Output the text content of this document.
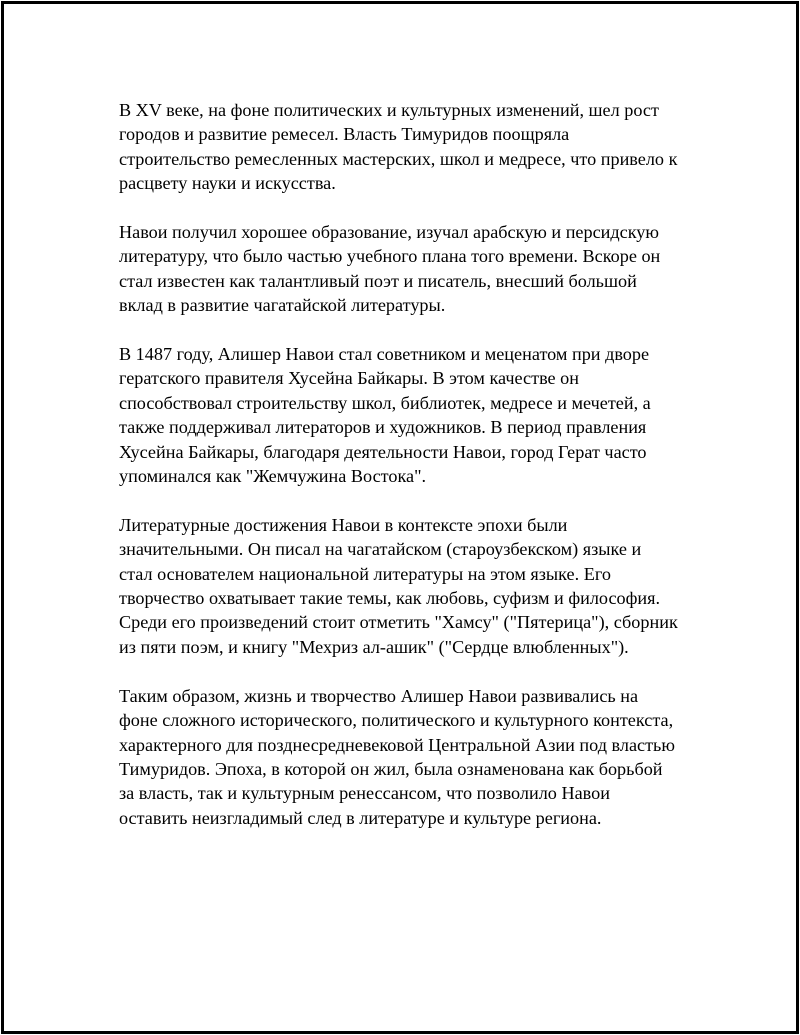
В XV веке, на фоне политических и культурных изменений, шел рост
городов и развитие ремесел. Власть Тимуридов поощряла
строительство ремесленных мастерских, школ и медресе, что привело к
расцвету науки и искусства.

Навои получил хорошее образование, изучал арабскую и персидскую
литературу, что было частью учебного плана того времени. Вскоре он
стал известен как талантливый поэт и писатель, внесший большой
вклад в развитие чагатайской литературы.

В 1487 году, Алишер Навои стал советником и меценатом при дворе
гератского правителя Хусейна Байкары. В этом качестве он
способствовал строительству школ, библиотек, медресе и мечетей, а
также поддерживал литераторов и художников. В период правления
Хусейна Байкары, благодаря деятельности Навои, город Герат часто
упоминался как "Жемчужина Востока".

Литературные достижения Навои в контексте эпохи были
значительными. Он писал на чагатайском (староузбекском) языке и
стал основателем национальной литературы на этом языке. Его
творчество охватывает такие темы, как любовь, суфизм и философия.
Среди его произведений стоит отметить "Хамсу" ("Пятерица"), сборник
из пяти поэм, и книгу "Мехриз ал-ашик" ("Сердце влюбленных").

Таким образом, жизнь и творчество Алишер Навои развивались на
фоне сложного исторического, политического и культурного контекста,
характерного для позднесредневековой Центральной Азии под властью
Тимуридов. Эпоха, в которой он жил, была ознаменована как борьбой
за власть, так и культурным ренессансом, что позволило Навои
оставить неизгладимый след в литературе и культуре региона.
